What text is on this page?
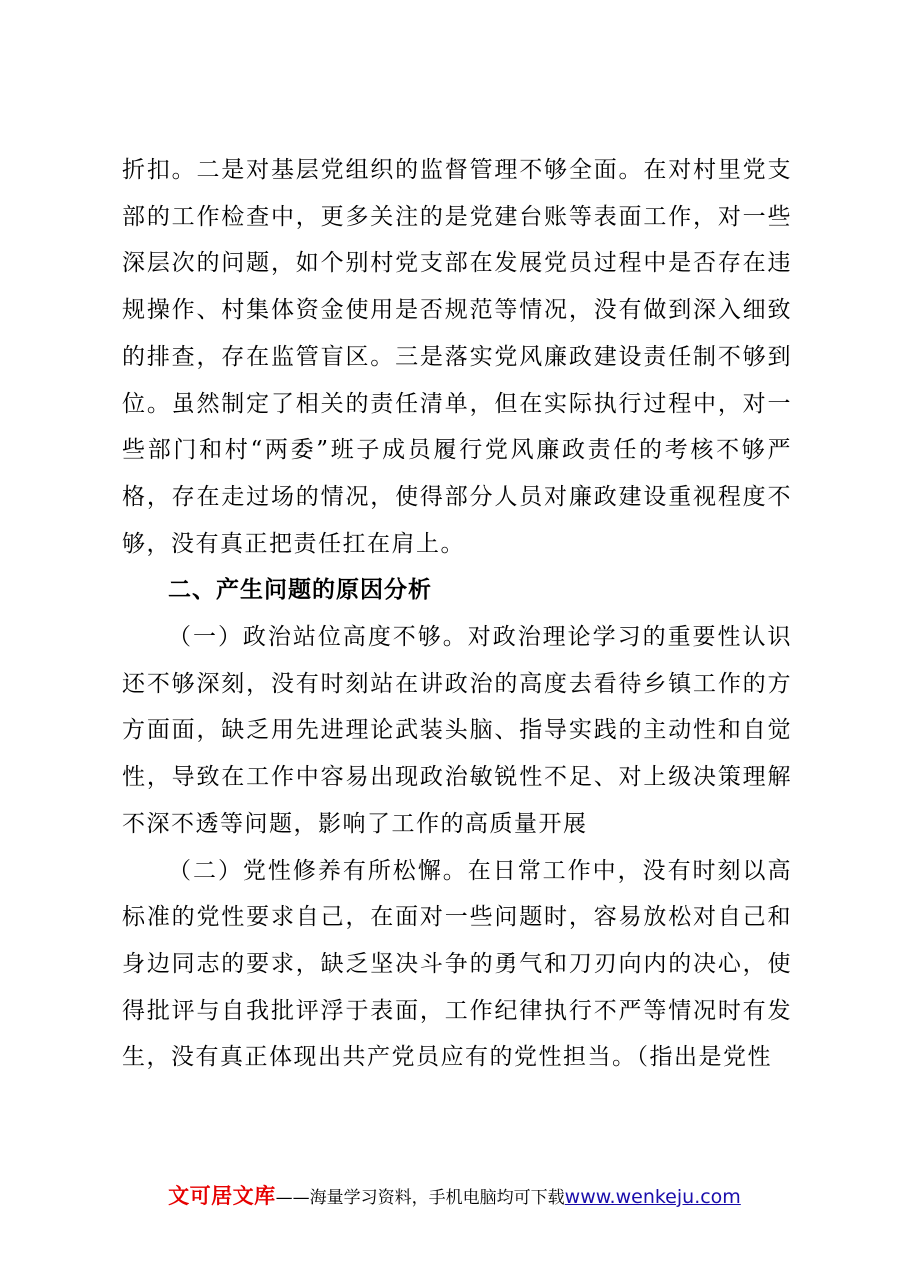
折扣。二是对基层党组织的监督管理不够全面。在对村里党支部的工作检查中，更多关注的是党建台账等表面工作，对一些深层次的问题，如个别村党支部在发展党员过程中是否存在违规操作、村集体资金使用是否规范等情况，没有做到深入细致的排查，存在监管盲区。三是落实党风廉政建设责任制不够到位。虽然制定了相关的责任清单，但在实际执行过程中，对一些部门和村“两委”班子成员履行党风廉政责任的考核不够严格，存在走过场的情况，使得部分人员对廉政建设重视程度不够，没有真正把责任扛在肩上。

二、产生问题的原因分析

（一）政治站位高度不够。对政治理论学习的重要性认识还不够深刻，没有时刻站在讲政治的高度去看待乡镇工作的方方面面，缺乏用先进理论武装头脑、指导实践的主动性和自觉性，导致在工作中容易出现政治敏锐性不足、对上级决策理解不深不透等问题，影响了工作的高质量开展

（二）党性修养有所松懈。在日常工作中，没有时刻以高标准的党性要求自己，在面对一些问题时，容易放松对自己和身边同志的要求，缺乏坚决斗争的勇气和刀刃向内的决心，使得批评与自我批评浮于表面，工作纪律执行不严等情况时有发生，没有真正体现出共产党员应有的党性担当。（指出是党性

文可居文库——海量学习资料，手机电脑均可下载www.wenkeju.com
